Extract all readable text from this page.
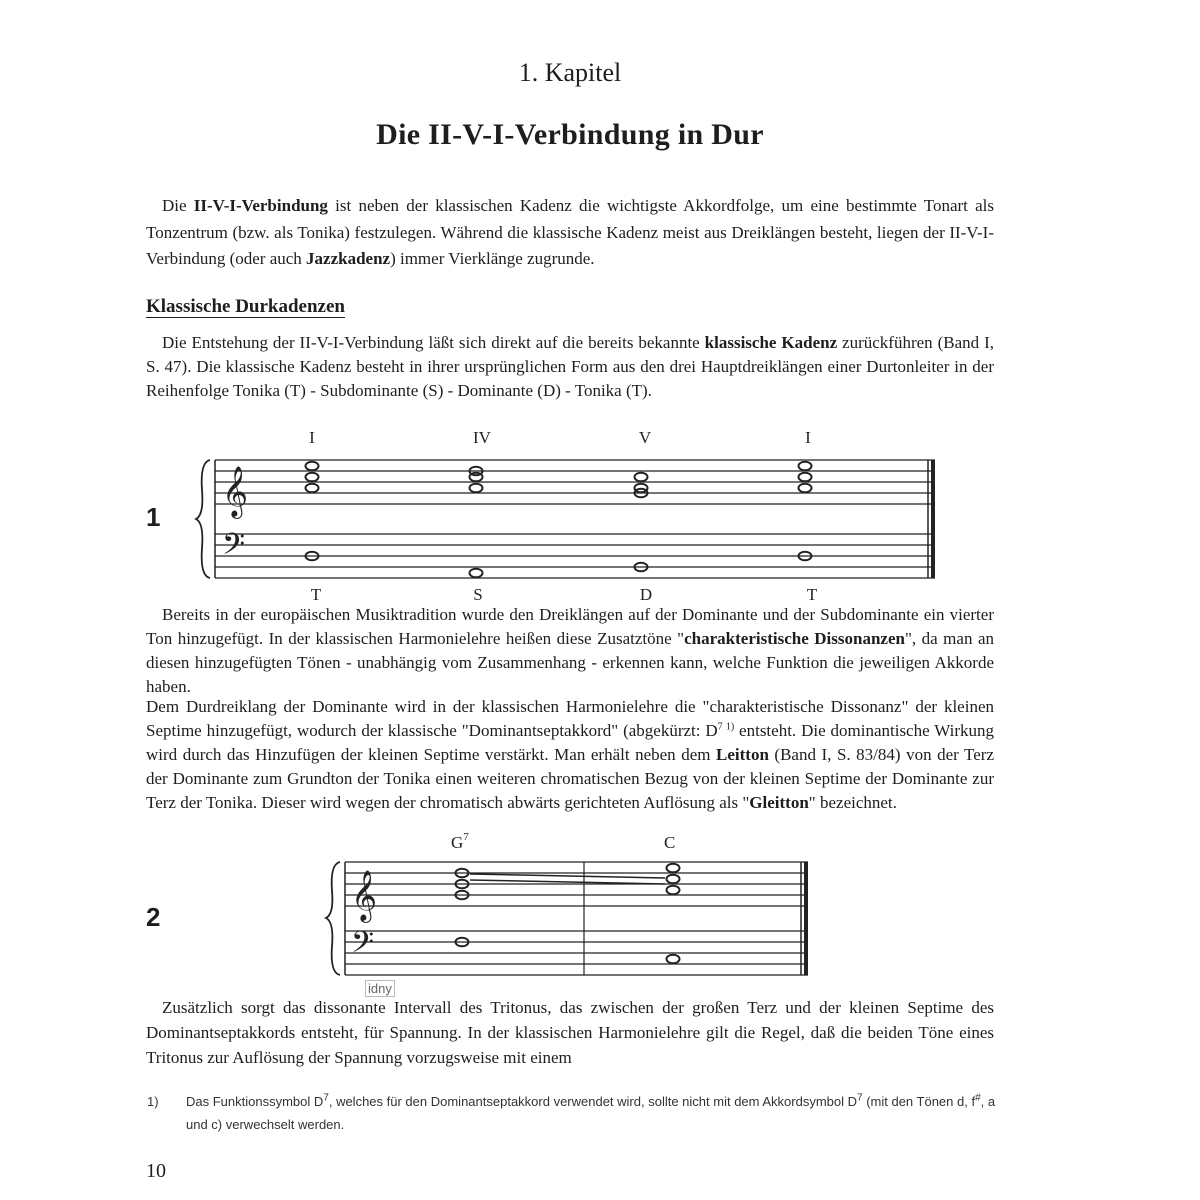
1. Kapitel
Die II-V-I-Verbindung in Dur
Die II-V-I-Verbindung ist neben der klassischen Kadenz die wichtigste Akkordfolge, um eine bestimmte Tonart als Tonzentrum (bzw. als Tonika) festzulegen. Während die klassische Kadenz meist aus Dreiklängen besteht, liegen der II-V-I-Verbindung (oder auch Jazzkadenz) immer Vierklänge zugrunde.
Klassische Durkadenzen
Die Entstehung der II-V-I-Verbindung läßt sich direkt auf die bereits bekannte klassische Kadenz zurückführen (Band I, S. 47). Die klassische Kadenz besteht in ihrer ursprünglichen Form aus den drei Hauptdreiklängen einer Durtonleiter in der Reihenfolge Tonika (T) - Subdominante (S) - Dominante (D) - Tonika (T).
1 𝄞
𝄢
I	IV	V	I
T	S	D	T
𝄞
𝄢
$G^7$	C
Bereits in der europäischen Musiktradition wurde den Dreiklängen auf der Dominante und der Subdominante ein vierter Ton hinzugefügt. In der klassischen Harmonielehre heißen diese Zusatztöne "charakteristische Dissonanzen", da man an diesen hinzugefügten Tönen - unabhängig vom Zusammenhang - erkennen kann, welche Funktion die jeweiligen Akkorde haben.
Dem Durdreiklang der Dominante wird in der klassischen Harmonielehre die "charakteristische Dissonanz" der kleinen Septime hinzugefügt, wodurch der klassische "Dominantseptakkord" (abgekürzt: $D^{7 1)}$ entsteht. Die dominantische Wirkung wird durch das Hinzufügen der kleinen Septime verstärkt. Man erhält neben dem Leitton (Band I, S. 83/84) von der Terz der Dominante zum Grundton der Tonika einen weiteren chromatischen Bezug von der kleinen Septime der Dominante zur Terz der Tonika. Dieser wird wegen der chromatisch abwärts gerichteten Auflösung als "Gleitton" bezeichnet.
2
Zusätzlich sorgt das dissonante Intervall des Tritonus, das zwischen der großen Terz und der kleinen Septime des Dominantseptakkords entsteht, für Spannung. In der klassischen Harmonielehre gilt die Regel, daß die beiden Töne eines Tritonus zur Auflösung der Spannung vorzugsweise mit einem
idny
1) Das Funktionssymbol $D^7$, welches für den Dominantseptakkord verwendet wird, sollte nicht mit dem Akkordsymbol $D^7$ (mit den Tönen d, f#, a und c) verwechselt werden.
10
